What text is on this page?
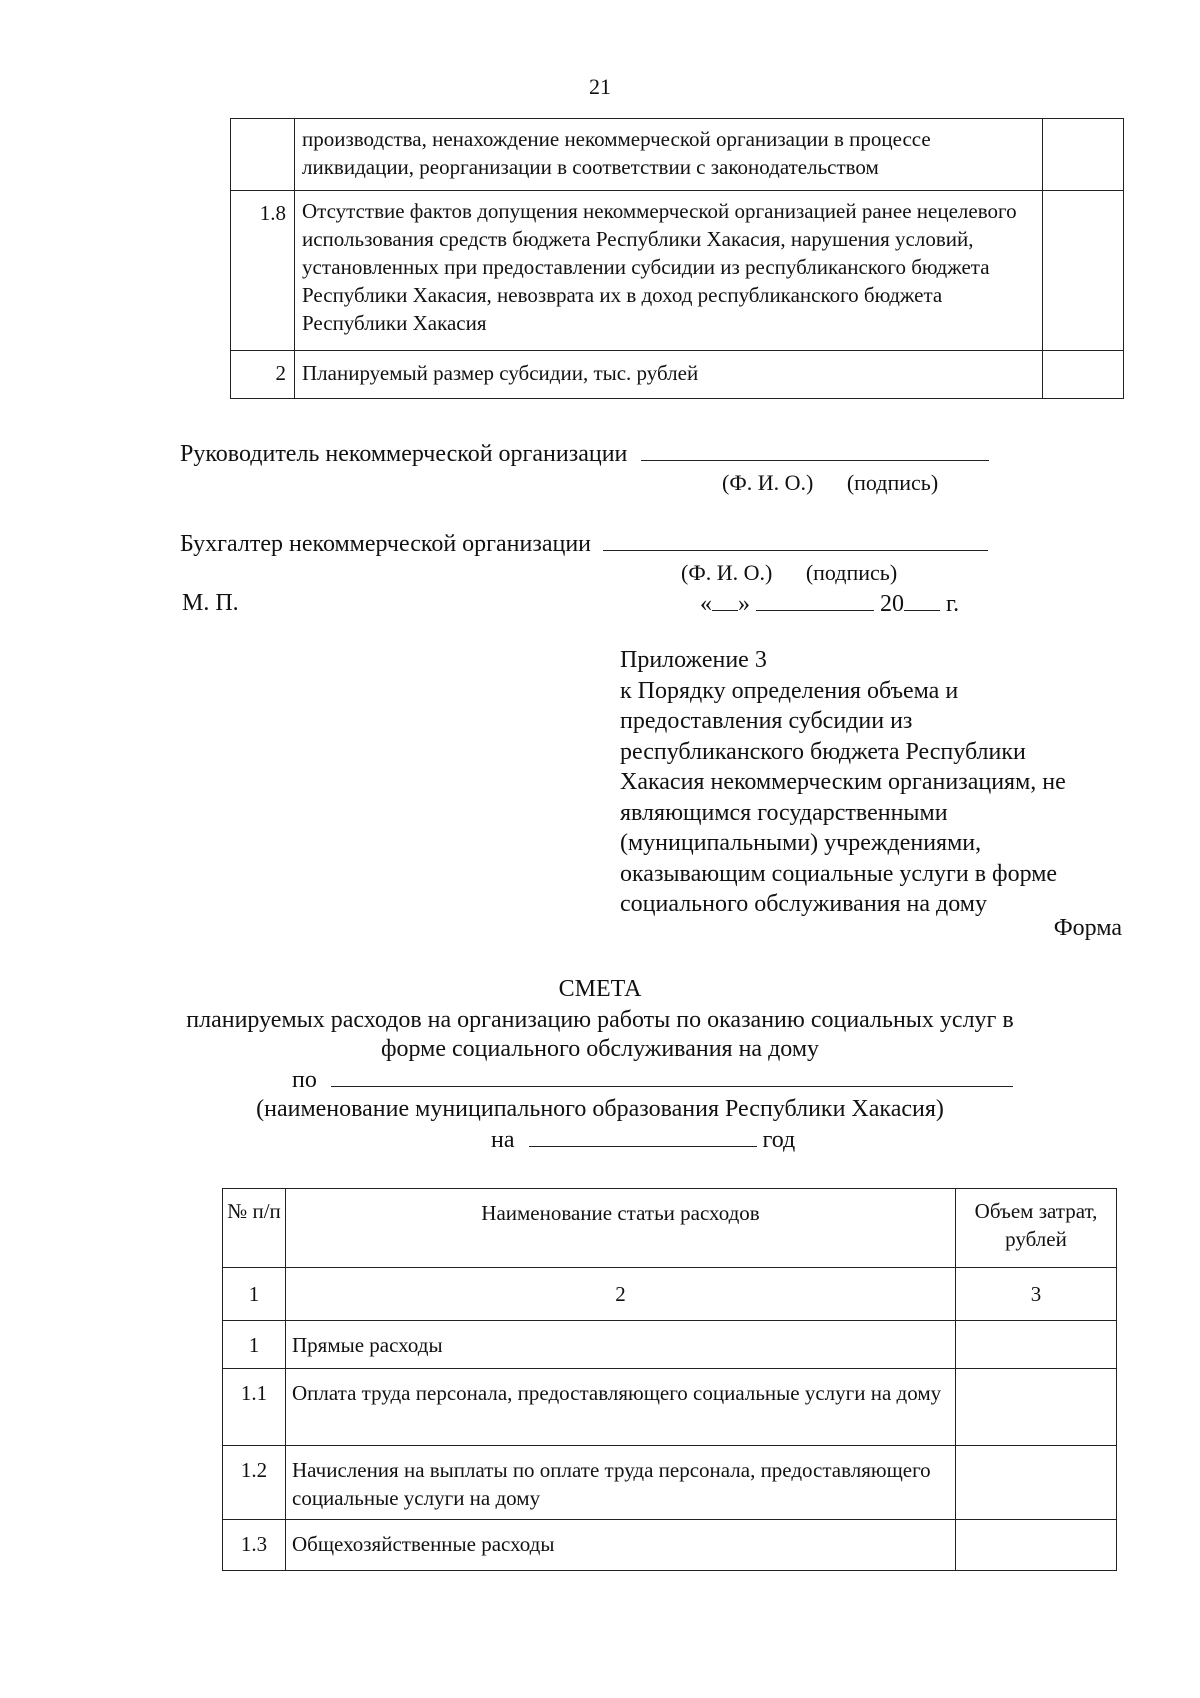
21
	производства, ненахождение некоммерческой организации в процессе ликвидации, реорганизации в соответствии с законодательством	
1.8	Отсутствие фактов допущения некоммерческой организацией ранее нецелевого использования средств бюджета Республики Хакасия, нарушения условий, установленных при предоставлении субсидии из республиканского бюджета Республики Хакасия, невозврата их в доход республиканского бюджета Республики Хакасия	
2	Планируемый размер субсидии, тыс. рублей	
Руководитель некоммерческой организации
(Ф. И. О.) (подпись)
Бухгалтер некоммерческой организации
(Ф. И. О.) (подпись)
М. П.	« »	20 г.
Приложение 3
к Порядку определения объема и
предоставления субсидии из
республиканского бюджета Республики
Хакасия некоммерческим организациям, не
являющимся государственными
(муниципальными) учреждениями,
оказывающим социальные услуги в форме
социального обслуживания на дому
Форма
СМЕТА
планируемых расходов на организацию работы по оказанию социальных услуг в
форме социального обслуживания на дому
по
(наименование муниципального образования Республики Хакасия)
на	год
№ п/п	Наименование статьи расходов	Объем затрат, рублей
1	2	3
1	Прямые расходы	
1.1	Оплата труда персонала, предоставляющего социальные услуги на дому	
1.2	Начисления на выплаты по оплате труда персонала, предоставляющего социальные услуги на дому	
1.3	Общехозяйственные расходы	
